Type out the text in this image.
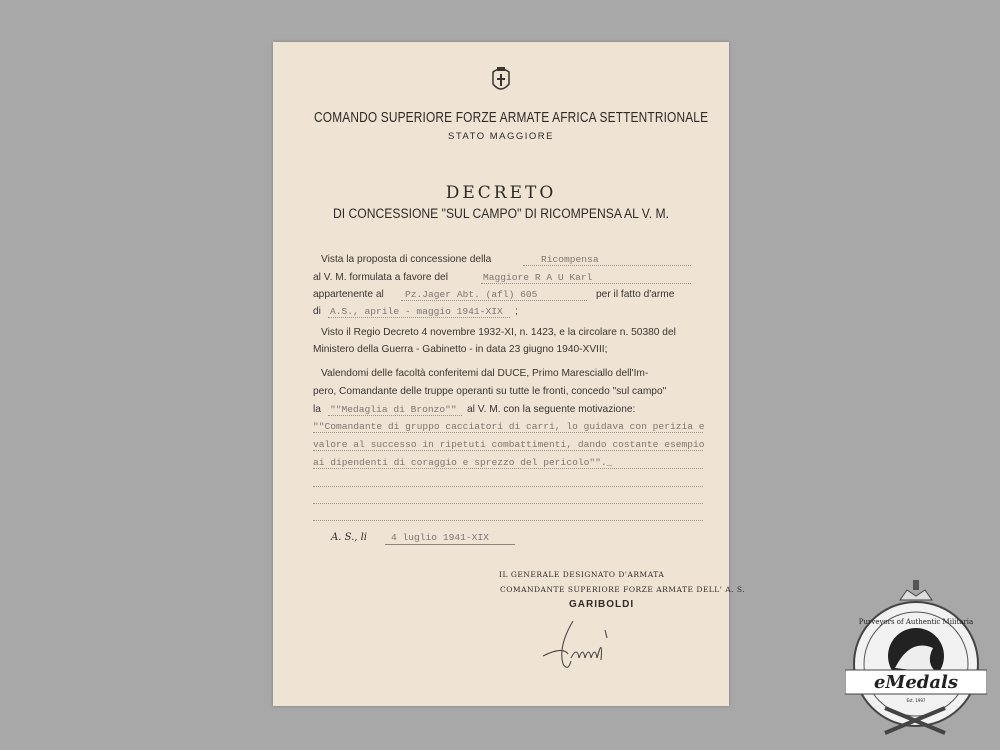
COMANDO SUPERIORE FORZE ARMATE AFRICA SETTENTRIONALE
STATO MAGGIORE
DECRETO
DI CONCESSIONE "SUL CAMPO" DI RICOMPENSA AL V. M.
Vista la proposta di concessione della	Ricompensa
al V. M. formulata a favore del	Maggiore R A U Karl
appartenente al Pz.Jager Abt. (afl) 605	per il fatto d'arme
di A.S., aprile - maggio 1941-XIX ;
Visto il Regio Decreto 4 novembre 1932-XI, n. 1423, e la circolare n. 50380 del
Ministero della Guerra - Gabinetto - in data 23 giugno 1940-XVIII;
Valendomi delle facoltà conferitemi dal DUCE, Primo Maresciallo dell'Im-
pero, Comandante delle truppe operanti su tutte le fronti, concedo "sul campo"
la ""Medaglia di Bronzo"" al V. M. con la seguente motivazione:
""Comandante di gruppo cacciatori di carri, lo guidava con perizia e
valore al successo in ripetuti combattimenti, dando costante esempio
ai dipendenti di coraggio e sprezzo del pericolo""._
A. S., li 4 luglio 1941-XIX
IL GENERALE DESIGNATO D'ARMATA
COMANDANTE SUPERIORE FORZE ARMATE DELL' A. S.
GARIBOLDI
eMedals
Purveyors of Authentic Militaria
Est. 1997
